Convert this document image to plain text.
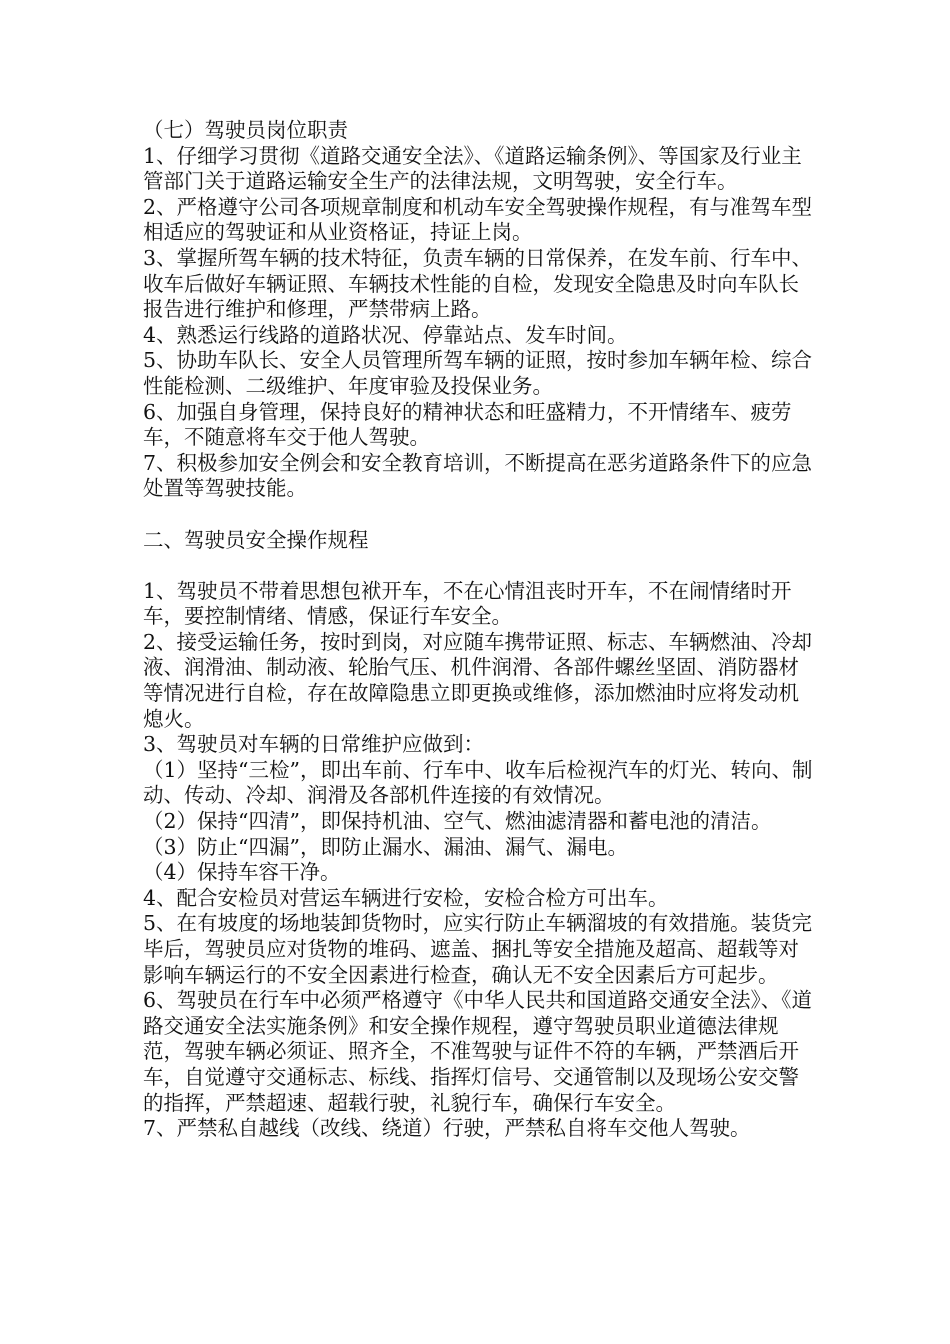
（七）驾驶员岗位职责

1、仔细学习贯彻《道路交通安全法》、《道路运输条例》、等国家及行业主管部门关于道路运输安全生产的法律法规，文明驾驶，安全行车。

2、严格遵守公司各项规章制度和机动车安全驾驶操作规程，有与准驾车型相适应的驾驶证和从业资格证，持证上岗。

3、掌握所驾车辆的技术特征，负责车辆的日常保养，在发车前、行车中、收车后做好车辆证照、车辆技术性能的自检，发现安全隐患及时向车队长报告进行维护和修理，严禁带病上路。

4、熟悉运行线路的道路状况、停靠站点、发车时间。

5、协助车队长、安全人员管理所驾车辆的证照，按时参加车辆年检、综合性能检测、二级维护、年度审验及投保业务。

6、加强自身管理，保持良好的精神状态和旺盛精力，不开情绪车、疲劳车，不随意将车交于他人驾驶。

7、积极参加安全例会和安全教育培训，不断提高在恶劣道路条件下的应急处置等驾驶技能。

二、驾驶员安全操作规程

1、驾驶员不带着思想包袱开车，不在心情沮丧时开车，不在闹情绪时开车，要控制情绪、情感，保证行车安全。

2、接受运输任务，按时到岗，对应随车携带证照、标志、车辆燃油、冷却液、润滑油、制动液、轮胎气压、机件润滑、各部件螺丝坚固、消防器材等情况进行自检，存在故障隐患立即更换或维修，添加燃油时应将发动机熄火。

3、驾驶员对车辆的日常维护应做到：

（1）坚持“三检”，即出车前、行车中、收车后检视汽车的灯光、转向、制动、传动、冷却、润滑及各部机件连接的有效情况。

（2）保持“四清”，即保持机油、空气、燃油滤清器和蓄电池的清洁。

（3）防止“四漏”，即防止漏水、漏油、漏气、漏电。

（4）保持车容干净。

4、配合安检员对营运车辆进行安检，安检合检方可出车。

5、在有坡度的场地装卸货物时，应实行防止车辆溜坡的有效措施。装货完毕后，驾驶员应对货物的堆码、遮盖、捆扎等安全措施及超高、超载等对影响车辆运行的不安全因素进行检查，确认无不安全因素后方可起步。

6、驾驶员在行车中必须严格遵守《中华人民共和国道路交通安全法》、《道路交通安全法实施条例》和安全操作规程，遵守驾驶员职业道德法律规范，驾驶车辆必须证、照齐全，不准驾驶与证件不符的车辆，严禁酒后开车，自觉遵守交通标志、标线、指挥灯信号、交通管制以及现场公安交警的指挥，严禁超速、超载行驶，礼貌行车，确保行车安全。

7、严禁私自越线（改线、绕道）行驶，严禁私自将车交他人驾驶。
